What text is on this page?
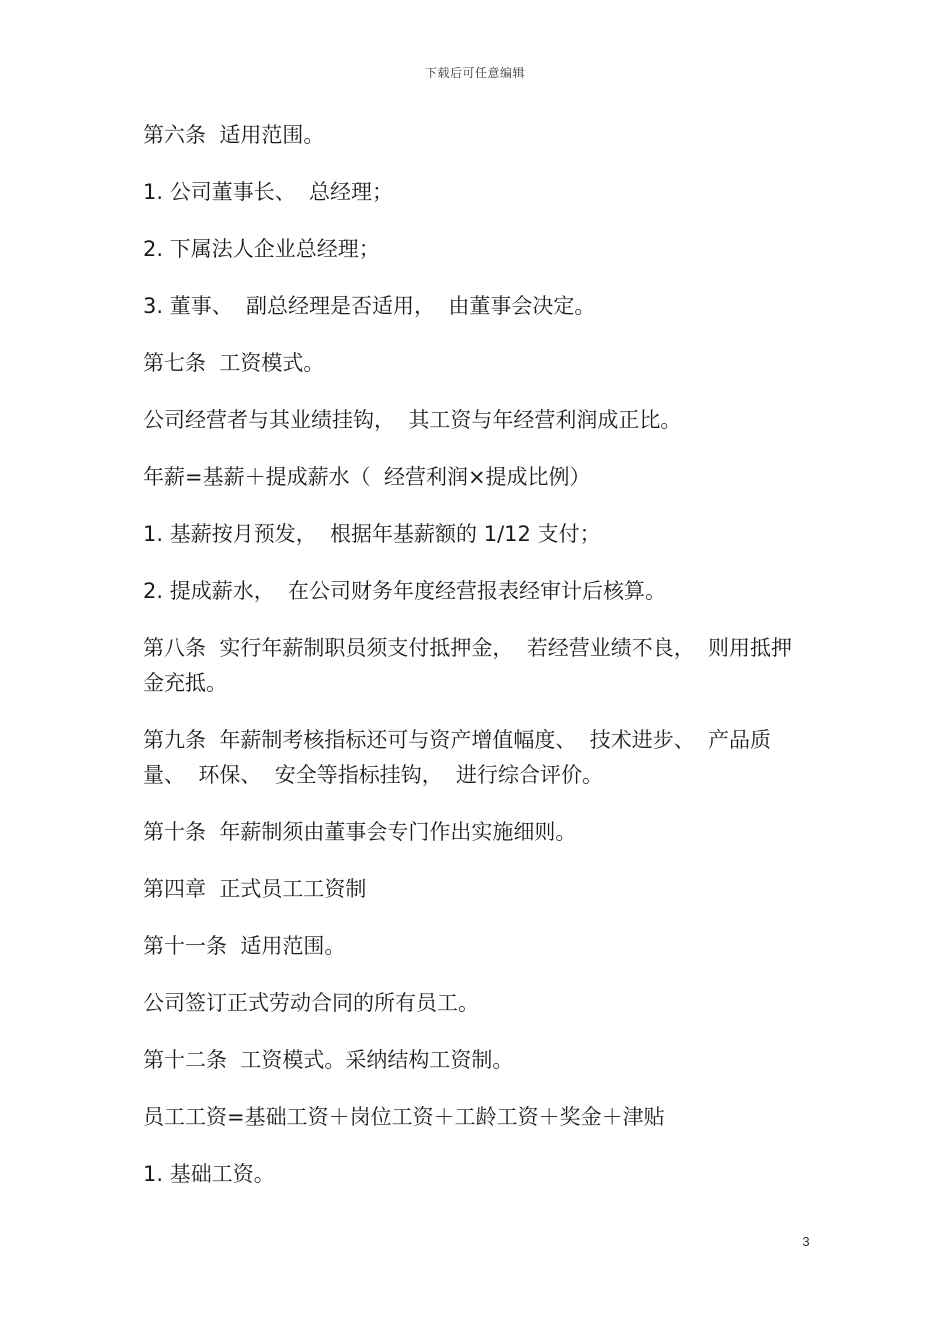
下载后可任意编辑

第六条  适用范围。

1. 公司董事长、  总经理；

2. 下属法人企业总经理；

3. 董事、  副总经理是否适用，  由董事会决定。

第七条  工资模式。

公司经营者与其业绩挂钩，  其工资与年经营利润成正比。

年薪=基薪＋提成薪水（  经营利润×提成比例）

1. 基薪按月预发，  根据年基薪额的 1/12 支付；

2. 提成薪水，  在公司财务年度经营报表经审计后核算。

第八条  实行年薪制职员须支付抵押金，  若经营业绩不良，  则用抵押金充抵。

第九条  年薪制考核指标还可与资产增值幅度、  技术进步、  产品质量、  环保、  安全等指标挂钩，  进行综合评价。

第十条  年薪制须由董事会专门作出实施细则。

第四章  正式员工工资制

第十一条  适用范围。

公司签订正式劳动合同的所有员工。

第十二条  工资模式。采纳结构工资制。

员工工资=基础工资＋岗位工资＋工龄工资＋奖金＋津贴

1. 基础工资。

3
